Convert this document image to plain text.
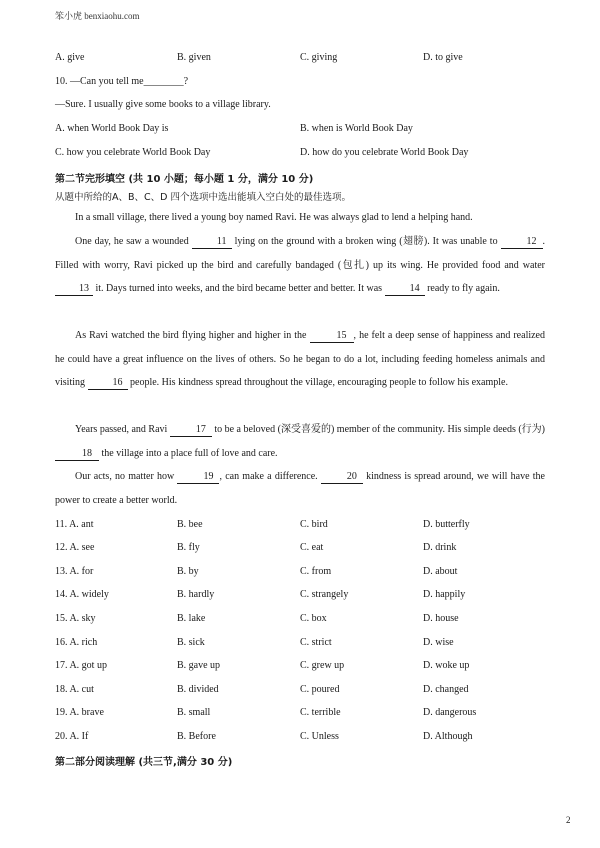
笨小虎 benxiaohu.com
A. give	B. given	C. giving	D. to give
10. —Can you tell me________?
—Sure. I usually give some books to a village library.
A. when World Book Day is	B. when is World Book Day
C. how you celebrate World Book Day	D. how do you celebrate World Book Day
第二节完形填空 (共 10 小题；每小题 1 分，满分 10 分)
从题中所给的A、B、C、D 四个选项中选出能填入空白处的最佳选项。
In a small village, there lived a young boy named Ravi. He was always glad to lend a helping hand.
One day, he saw a wounded	11 lying on the ground with a broken wing (翅膀). It was unable to	12 . Filled with worry, Ravi picked up the bird and carefully bandaged (包扎) up its wing. He provided food and water 13 it. Days turned into weeks, and the bird became better and better. It was	14 ready to fly again.
As Ravi watched the bird flying higher and higher in the	15 , he felt a deep sense of happiness and realized he could have a great influence on the lives of others. So he began to do a lot, including feeding homeless animals and visiting	16 people. His kindness spread throughout the village, encouraging people to follow his example.
Years passed, and Ravi	17 to be a beloved (深受喜爱的) member of the community. His simple deeds (行为) 18 the village into a place full of love and care.
Our acts, no matter how	19 , can make a difference.	20 kindness is spread around, we will have the power to create a better world.
11. A. ant	B. bee	C. bird	D. butterfly
12. A. see	B. fly	C. eat	D. drink
13. A. for	B. by	C. from	D. about
14. A. widely	B. hardly	C. strangely	D. happily
15. A. sky	B. lake	C. box	D. house
16. A. rich	B. sick	C. strict	D. wise
17. A. got up	B. gave up	C. grew up	D. woke up
18. A. cut	B. divided	C. poured	D. changed
19. A. brave	B. small	C. terrible	D. dangerous
20. A. If	B. Before	C. Unless	D. Although
第二部分阅读理解 (共三节,满分 30 分)
2
